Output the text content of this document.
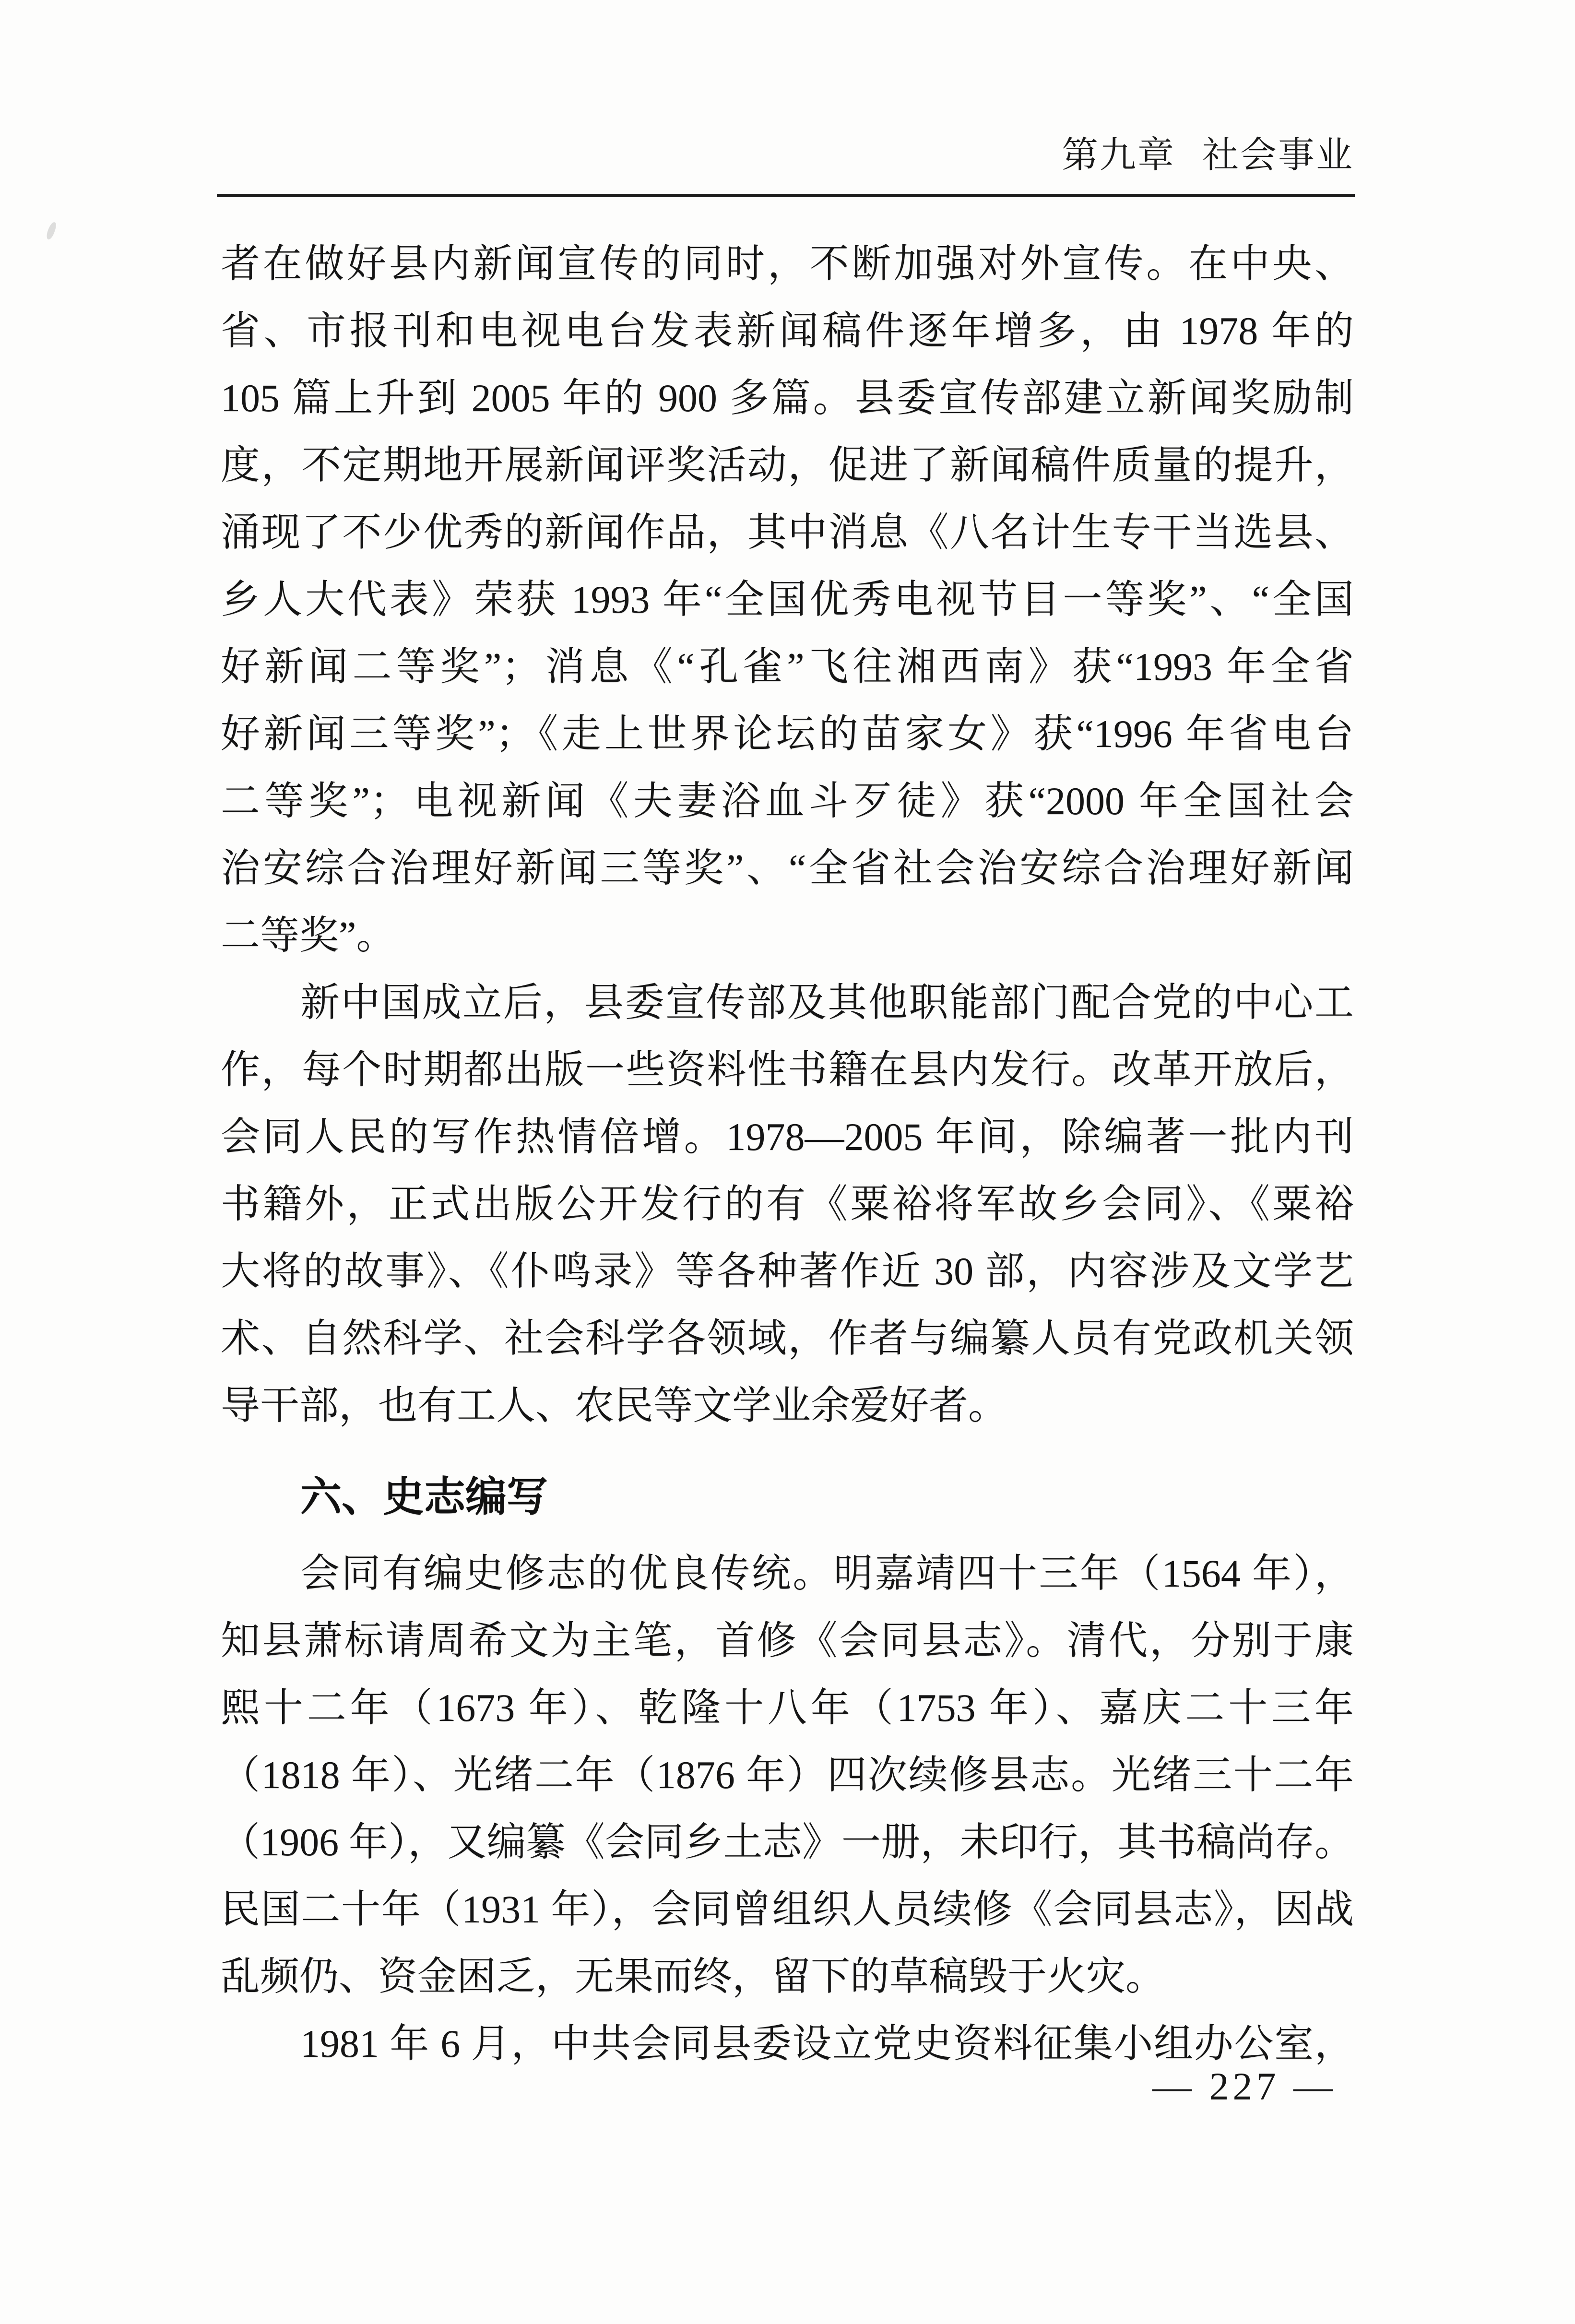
第九章 社会事业
者在做好县内新闻宣传的同时，不断加强对外宣传。在中央、
省、市报刊和电视电台发表新闻稿件逐年增多，由 1978 年的
105 篇上升到 2005 年的 900 多篇。县委宣传部建立新闻奖励制
度，不定期地开展新闻评奖活动，促进了新闻稿件质量的提升，
涌现了不少优秀的新闻作品，其中消息《八名计生专干当选县、
乡人大代表》荣获 1993 年“全国优秀电视节目一等奖”、“全国
好新闻二等奖”；消息《“孔雀”飞往湘西南》获“1993 年全省
好新闻三等奖”；《走上世界论坛的苗家女》获“1996 年省电台
二等奖”；电视新闻《夫妻浴血斗歹徒》获“2000 年全国社会
治安综合治理好新闻三等奖”、“全省社会治安综合治理好新闻
二等奖”。
新中国成立后，县委宣传部及其他职能部门配合党的中心工
作，每个时期都出版一些资料性书籍在县内发行。改革开放后，
会同人民的写作热情倍增。1978—2005 年间，除编著一批内刊
书籍外，正式出版公开发行的有《粟裕将军故乡会同》、《粟裕
大将的故事》、《仆鸣录》等各种著作近 30 部，内容涉及文学艺
术、自然科学、社会科学各领域，作者与编纂人员有党政机关领
导干部，也有工人、农民等文学业余爱好者。
六、史志编写
会同有编史修志的优良传统。明嘉靖四十三年（1564 年），
知县萧标请周希文为主笔，首修《会同县志》。清代，分别于康
熙十二年（1673 年）、乾隆十八年（1753 年）、嘉庆二十三年
（1818 年）、光绪二年（1876 年）四次续修县志。光绪三十二年
（1906 年），又编纂《会同乡土志》一册，未印行，其书稿尚存。
民国二十年（1931 年），会同曾组织人员续修《会同县志》，因战
乱频仍、资金困乏，无果而终，留下的草稿毁于火灾。
1981 年 6 月，中共会同县委设立党史资料征集小组办公室，
— 227 —
